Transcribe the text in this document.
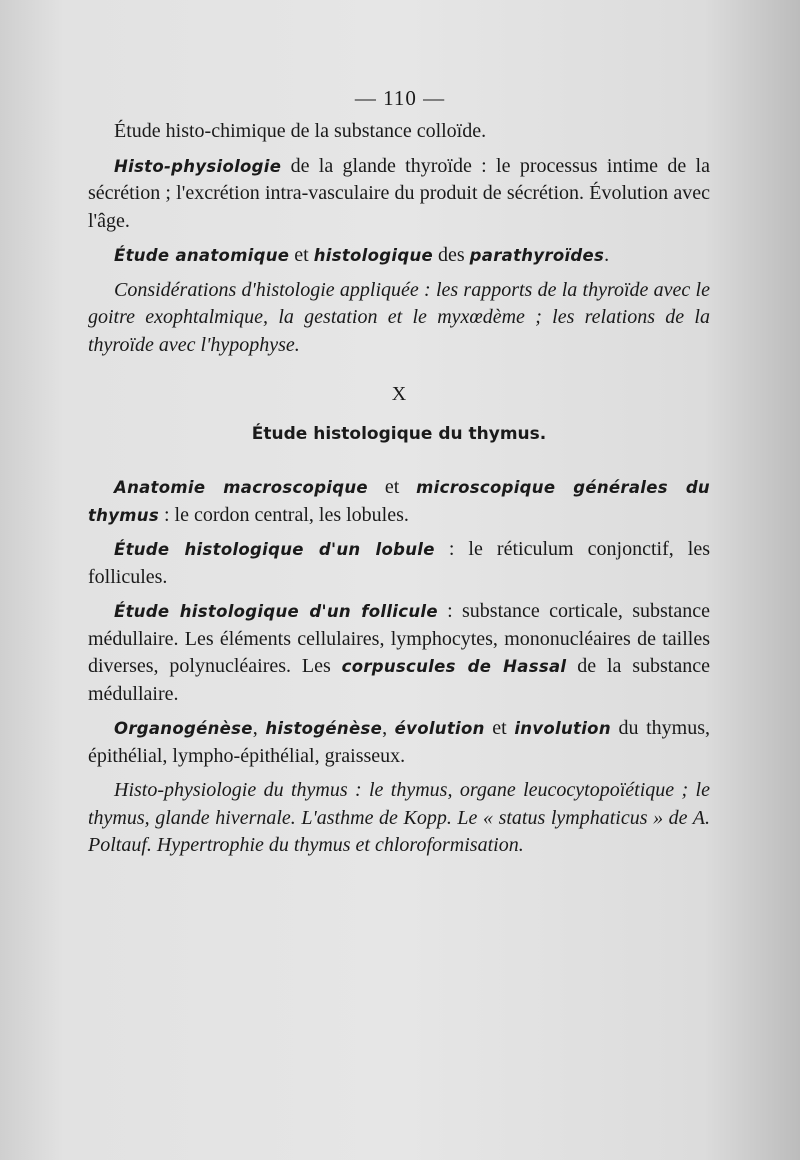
— 110 —

Étude histo-chimique de la substance colloïde.

Histo-physiologie de la glande thyroïde : le processus intime de la sécrétion ; l'excrétion intra-vasculaire du produit de sécrétion. Évolution avec l'âge.

Étude anatomique et histologique des parathyroïdes.

Considérations d'histologie appliquée : les rapports de la thyroïde avec le goitre exophtalmique, la gestation et le myxœdème ; les relations de la thyroïde avec l'hypophyse.

X

Étude histologique du thymus.

Anatomie macroscopique et microscopique générales du thymus : le cordon central, les lobules.

Étude histologique d'un lobule : le réticulum conjonctif, les follicules.

Étude histologique d'un follicule : substance corticale, substance médullaire. Les éléments cellulaires, lymphocytes, mononucléaires de tailles diverses, polynucléaires. Les corpuscules de Hassal de la substance médullaire.

Organogénèse, histogénèse, évolution et involution du thymus, épithélial, lympho-épithélial, graisseux.

Histo-physiologie du thymus : le thymus, organe leucocytopoïétique ; le thymus, glande hivernale. L'asthme de Kopp. Le « status lymphaticus » de A. Poltauf. Hypertrophie du thymus et chloroformisation.
